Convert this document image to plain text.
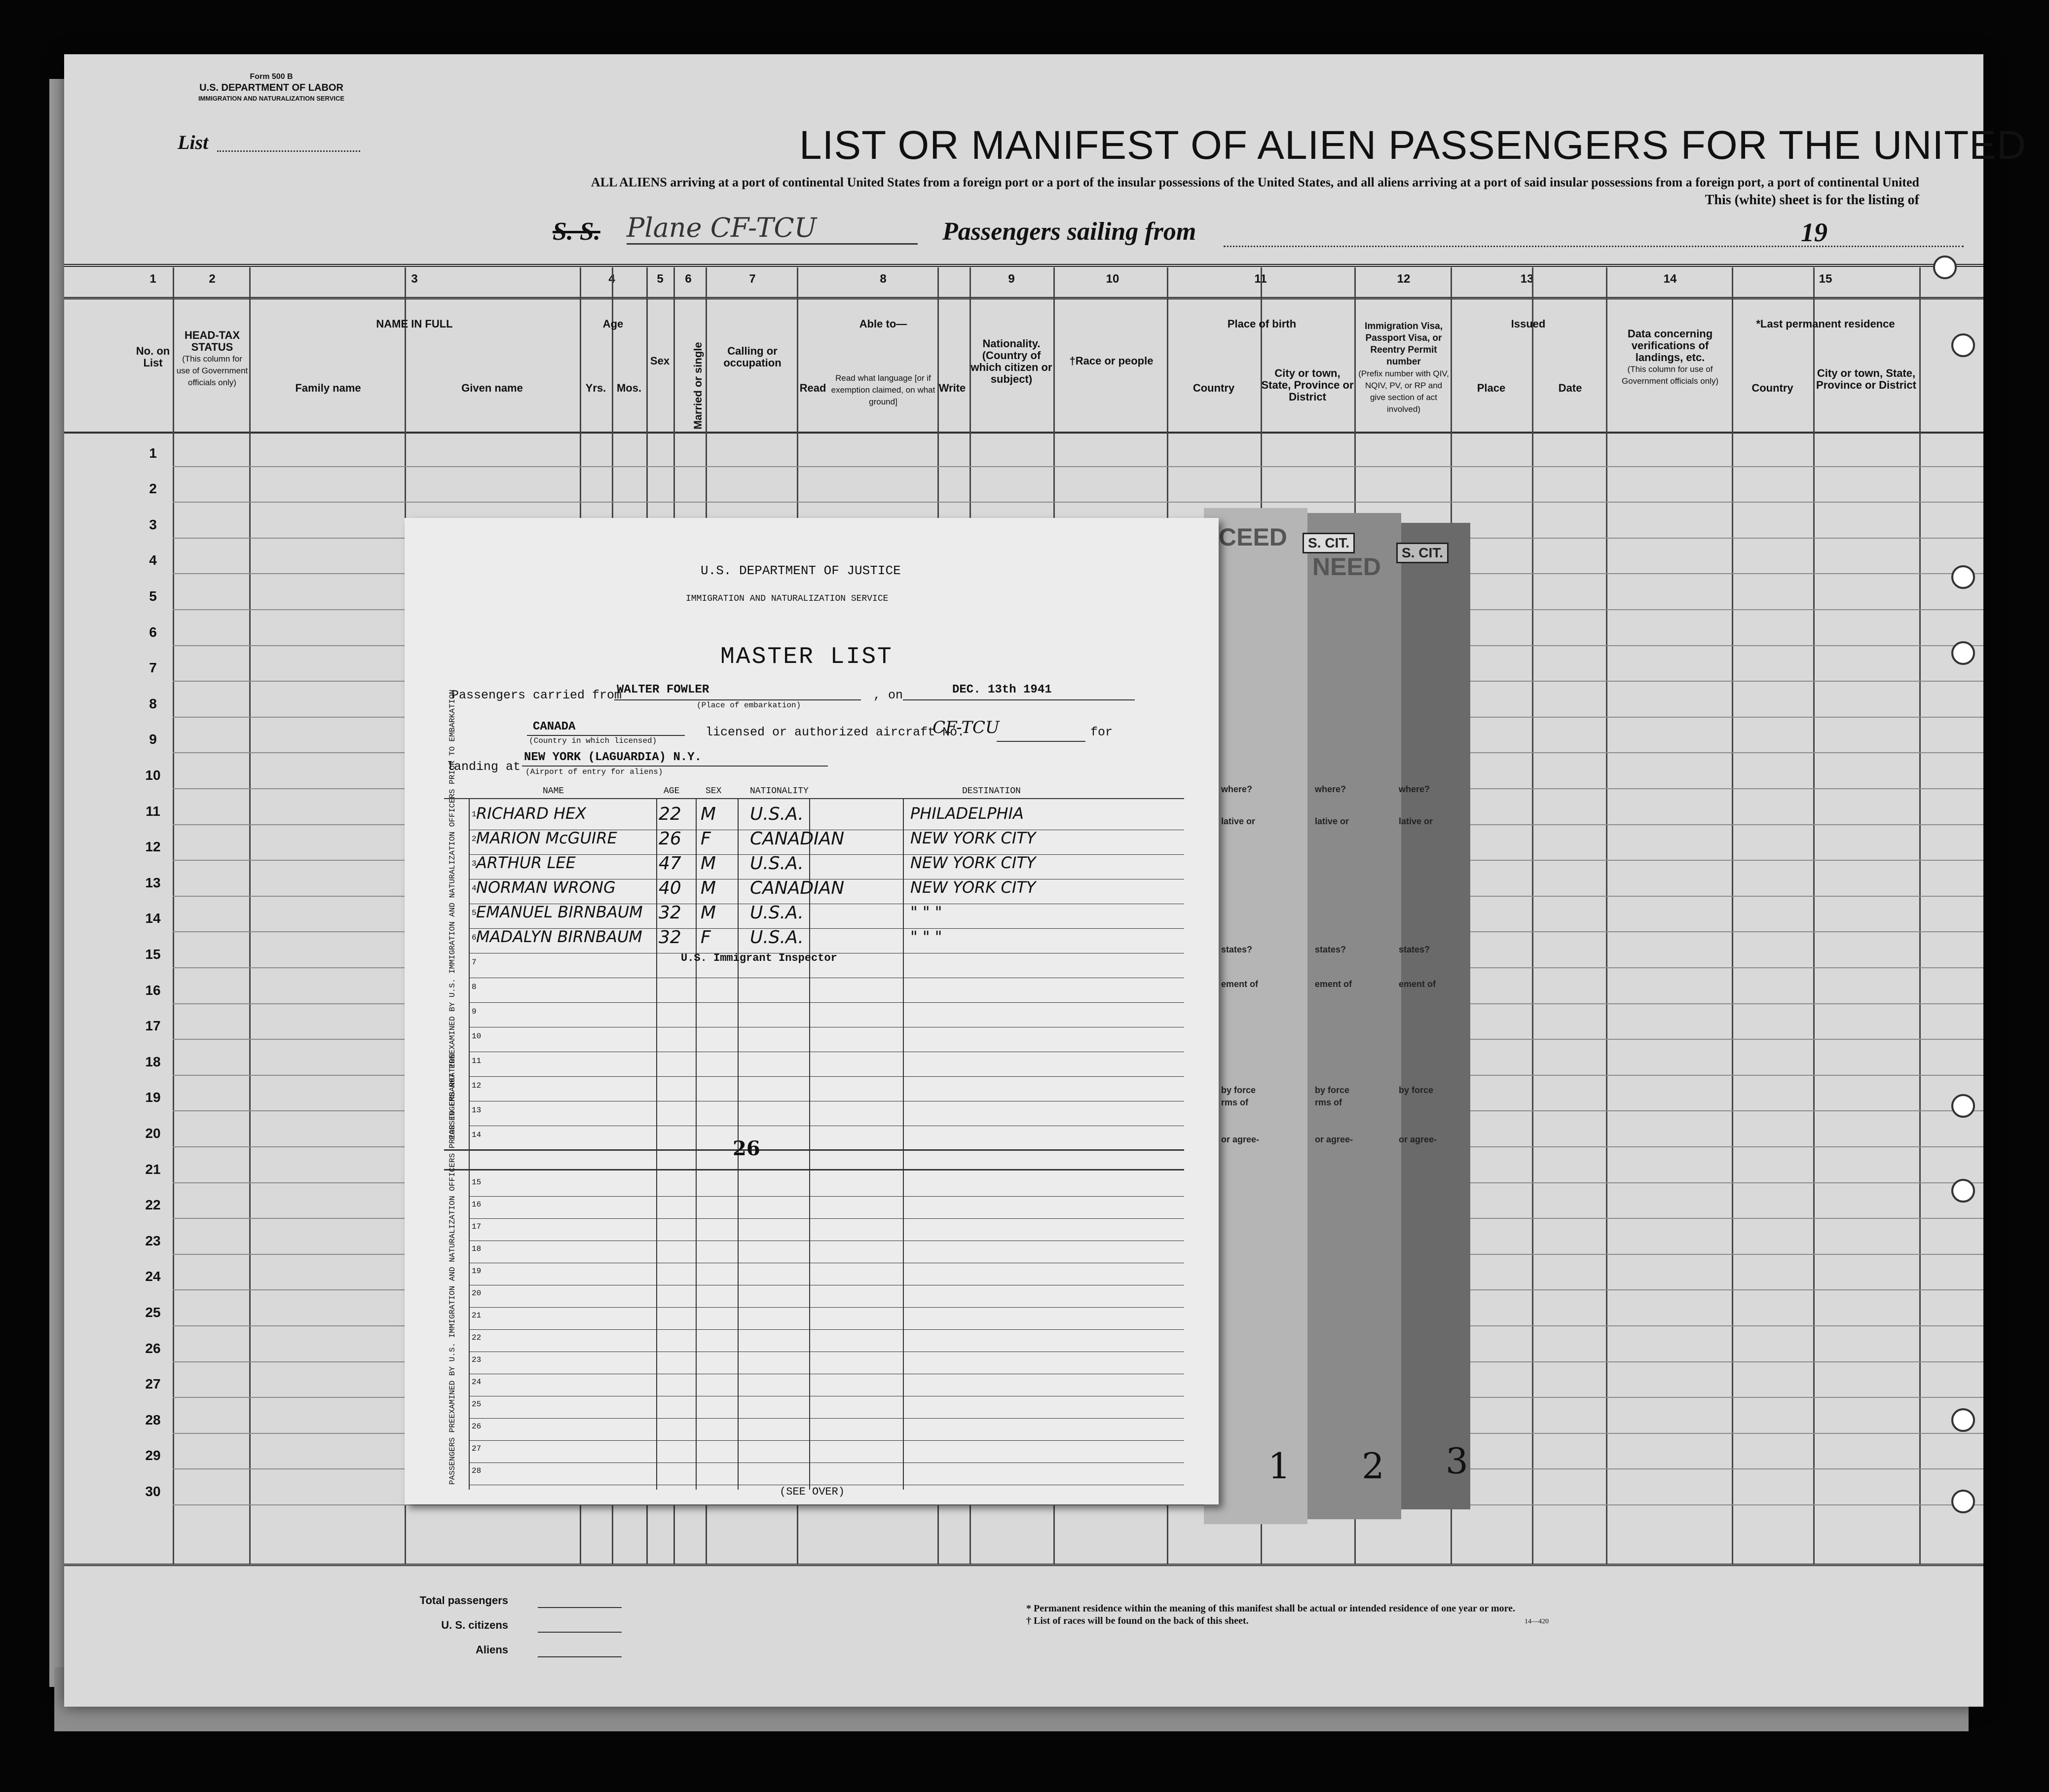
Form 500 B
U.S. DEPARTMENT OF LABOR
IMMIGRATION AND NATURALIZATION SERVICE
List	LIST OR MANIFEST OF ALIEN PASSENGERS FOR THE UNITED
ALL ALIENS arriving at a port of continental United States from a foreign port or a port of the insular possessions of the United States, and all aliens arriving at a port of said insular possessions from a foreign port, a port of continental United
This (white) sheet is for the listing of
S. S. Plane CF-TCU	Passengers sailing from	19
1	2	3	4	5 6	7	8	9	10	11	12	13	14	15
No. on List
HEAD-TAX STATUS
(This column for use of Government officials only)
NAME IN FULL
Family name	Given name
Age
Yrs. Mos.
Sex	Married or single	Calling or occupation
Able to—
Read
Read what language [or if exemption claimed, on what ground]
Write
Nationality. (Country of which citizen or subject)
†Race or people
Place of birth
Country
City or town, State, Province or District
Immigration Visa, Passport Visa, or Reentry Permit number
(Prefix number with QIV, NQIV, PV, or RP and give section of act involved)
Issued
Place	Date
Data concerning verifications of landings, etc.
(This column for use of Government officials only)
*Last permanent residence
Country
City or town, State, Province or District
1
2
3
4
5
6
7
8
9
10
11
12
13
14
15
16
17
18
19
20
21
22
23
24
25
26
27
28
29
30
Total passengers
U. S. citizens
Aliens
* Permanent residence within the meaning of this manifest shall be actual or intended residence of one year or more.
† List of races will be found on the back of this sheet.	14—420
CEED	S. CIT.
NEED
S. CIT.
where?	where?	where?
lative or	lative or	lative or
states?	states?	states?
ement of	ement of	ement of
by force	by force	by force
rms of	rms of
or agree-	or agree-	or agree-
1 2 3
U.S. DEPARTMENT OF JUSTICE
IMMIGRATION AND NATURALIZATION SERVICE
MASTER LIST
Passengers carried from
WALTER FOWLER
(Place of embarkation)
, on	DEC. 13th 1941
CANADA
(Country in which licensed)
licensed or authorized aircraft No.
CF-TCU	for
landing at
NEW YORK (LAGUARDIA) N.Y.
(Airport of entry for aliens)
NAME	AGE	SEX	NATIONALITY	DESTINATION
1
2
3
4
5
6
7
8
9
10
11
12
13
14
15
16
17
18
19
20
21
22
23
24
25
26
27
28
RICHARD HEX	22 M U.S.A.	PHILADELPHIA
MARION McGUIRE 26 F CANADIAN	NEW YORK CITY
ARTHUR LEE	47 M U.S.A.	NEW YORK CITY
NORMAN WRONG 40 M CANADIAN	NEW YORK CITY
EMANUEL BIRNBAUM 32 M U.S.A.	" " "
MADALYN BIRNBAUM 32 F U.S.A.	" " "
PASSENGERS NOT PREEXAMINED BY U.S. IMMIGRATION AND NATURALIZATION OFFICERS PRIOR TO EMBARKATION
PASSENGERS PREEXAMINED BY U.S. IMMIGRATION AND NATURALIZATION OFFICERS PRIOR TO EMBARKATION
U.S. Immigrant Inspector
26
(SEE OVER)
